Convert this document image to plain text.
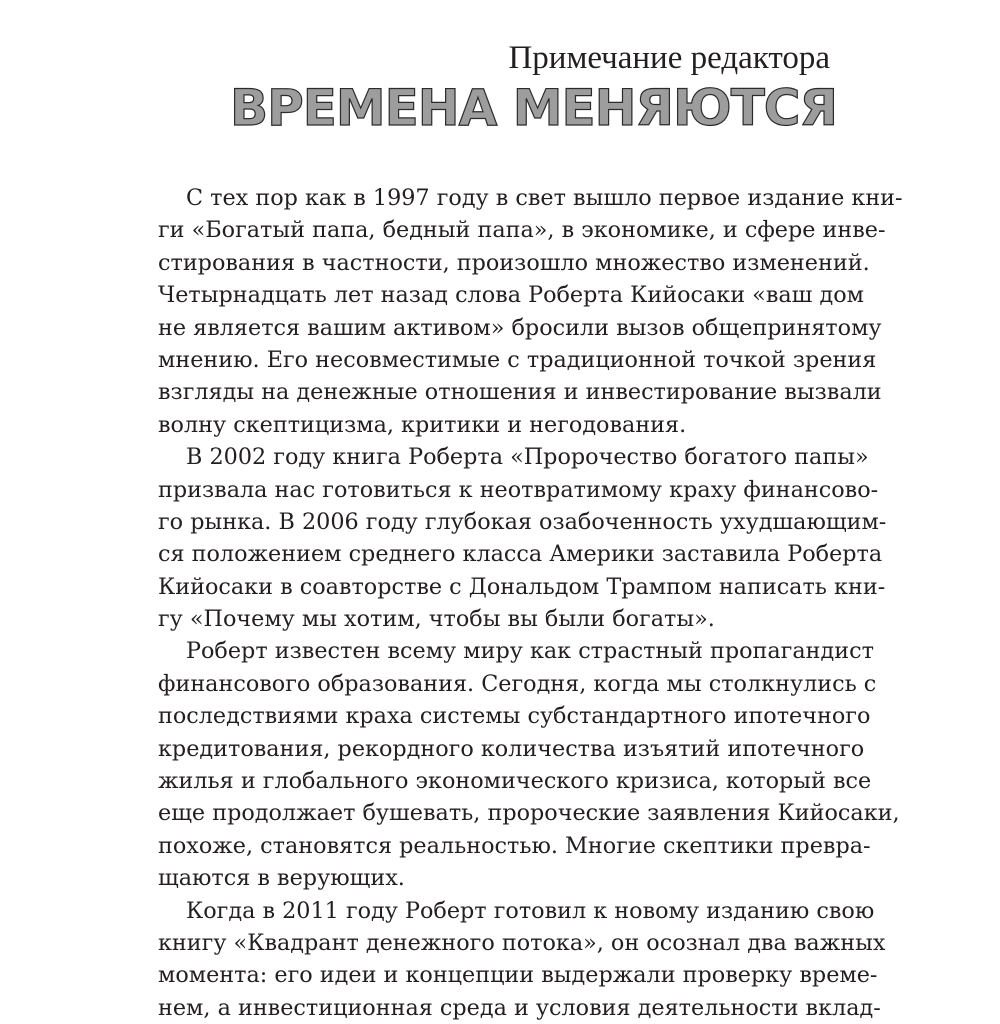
Примечание редактора
ВРЕМЕНА МЕНЯЮТСЯ
С тех пор как в 1997 году в свет вышло первое издание кни-
ги «Богатый папа, бедный папа», в экономике, и сфере инве-
стирования в частности, произошло множество изменений.
Четырнадцать лет назад слова Роберта Кийосаки «ваш дом
не является вашим активом» бросили вызов общепринятому
мнению. Его несовместимые с традиционной точкой зрения
взгляды на денежные отношения и инвестирование вызвали
волну скептицизма, критики и негодования.
В 2002 году книга Роберта «Пророчество богатого папы»
призвала нас готовиться к неотвратимому краху финансово-
го рынка. В 2006 году глубокая озабоченность ухудшающим-
ся положением среднего класса Америки заставила Роберта
Кийосаки в соавторстве с Дональдом Трампом написать кни-
гу «Почему мы хотим, чтобы вы были богаты».
Роберт известен всему миру как страстный пропагандист
финансового образования. Сегодня, когда мы столкнулись с
последствиями краха системы субстандартного ипотечного
кредитования, рекордного количества изъятий ипотечного
жилья и глобального экономического кризиса, который все
еще продолжает бушевать, пророческие заявления Кийосаки,
похоже, становятся реальностью. Многие скептики превра-
щаются в верующих.
Когда в 2011 году Роберт готовил к новому изданию свою
книгу «Квадрант денежного потока», он осознал два важных
момента: его идеи и концепции выдержали проверку време-
нем, а инвестиционная среда и условия деятельности вклад-
